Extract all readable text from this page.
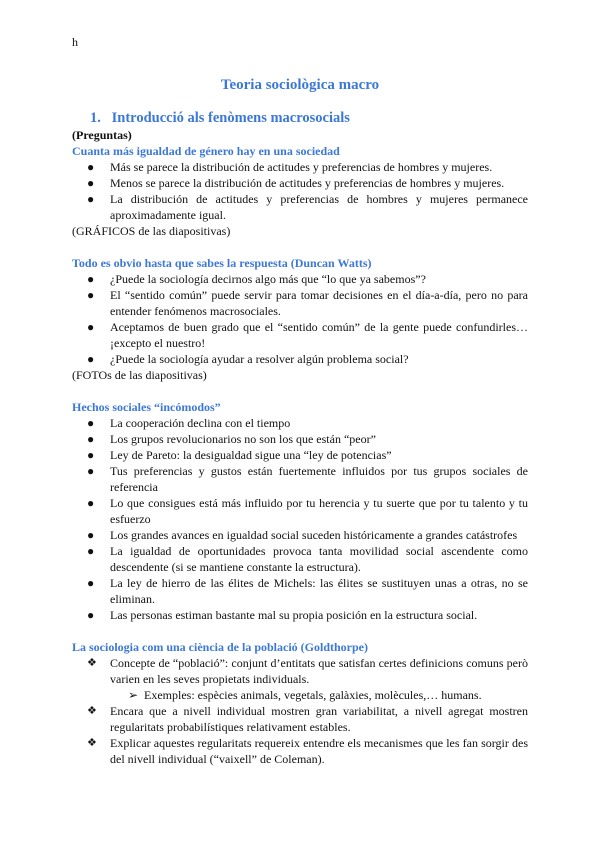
h
Teoria sociològica macro
1. Introducció als fenòmens macrosocials
(Preguntas)
Cuanta más igualdad de género hay en una sociedad
● Más se parece la distribución de actitudes y preferencias de hombres y mujeres.
● Menos se parece la distribución de actitudes y preferencias de hombres y mujeres.
● La distribución de actitudes y preferencias de hombres y mujeres permanece aproximadamente igual.
(GRÁFICOS de las diapositivas)
Todo es obvio hasta que sabes la respuesta (Duncan Watts)
● ¿Puede la sociología decirnos algo más que “lo que ya sabemos”?
● El “sentido común” puede servir para tomar decisiones en el día-a-día, pero no para entender fenómenos macrosociales.
● Aceptamos de buen grado que el “sentido común” de la gente puede confundirles… ¡excepto el nuestro!
● ¿Puede la sociología ayudar a resolver algún problema social?
(FOTOs de las diapositivas)
Hechos sociales “incómodos”
● La cooperación declina con el tiempo
● Los grupos revolucionarios no son los que están “peor”
● Ley de Pareto: la desigualdad sigue una “ley de potencias”
● Tus preferencias y gustos están fuertemente influidos por tus grupos sociales de referencia
● Lo que consigues está más influido por tu herencia y tu suerte que por tu talento y tu esfuerzo
● Los grandes avances en igualdad social suceden históricamente a grandes catástrofes
● La igualdad de oportunidades provoca tanta movilidad social ascendente como descendente (si se mantiene constante la estructura).
● La ley de hierro de las élites de Michels: las élites se sustituyen unas a otras, no se eliminan.
● Las personas estiman bastante mal su propia posición en la estructura social.
La sociologia com una ciència de la població (Goldthorpe)
❖ Concepte de “població”: conjunt d’entitats que satisfan certes definicions comuns però varien en les seves propietats individuals.
➢ Exemples: espècies animals, vegetals, galàxies, molècules,… humans.
❖ Encara que a nivell individual mostren gran variabilitat, a nivell agregat mostren regularitats probabilístiques relativament estables.
❖ Explicar aquestes regularitats requereix entendre els mecanismes que les fan sorgir des del nivell individual (“vaixell” de Coleman).
